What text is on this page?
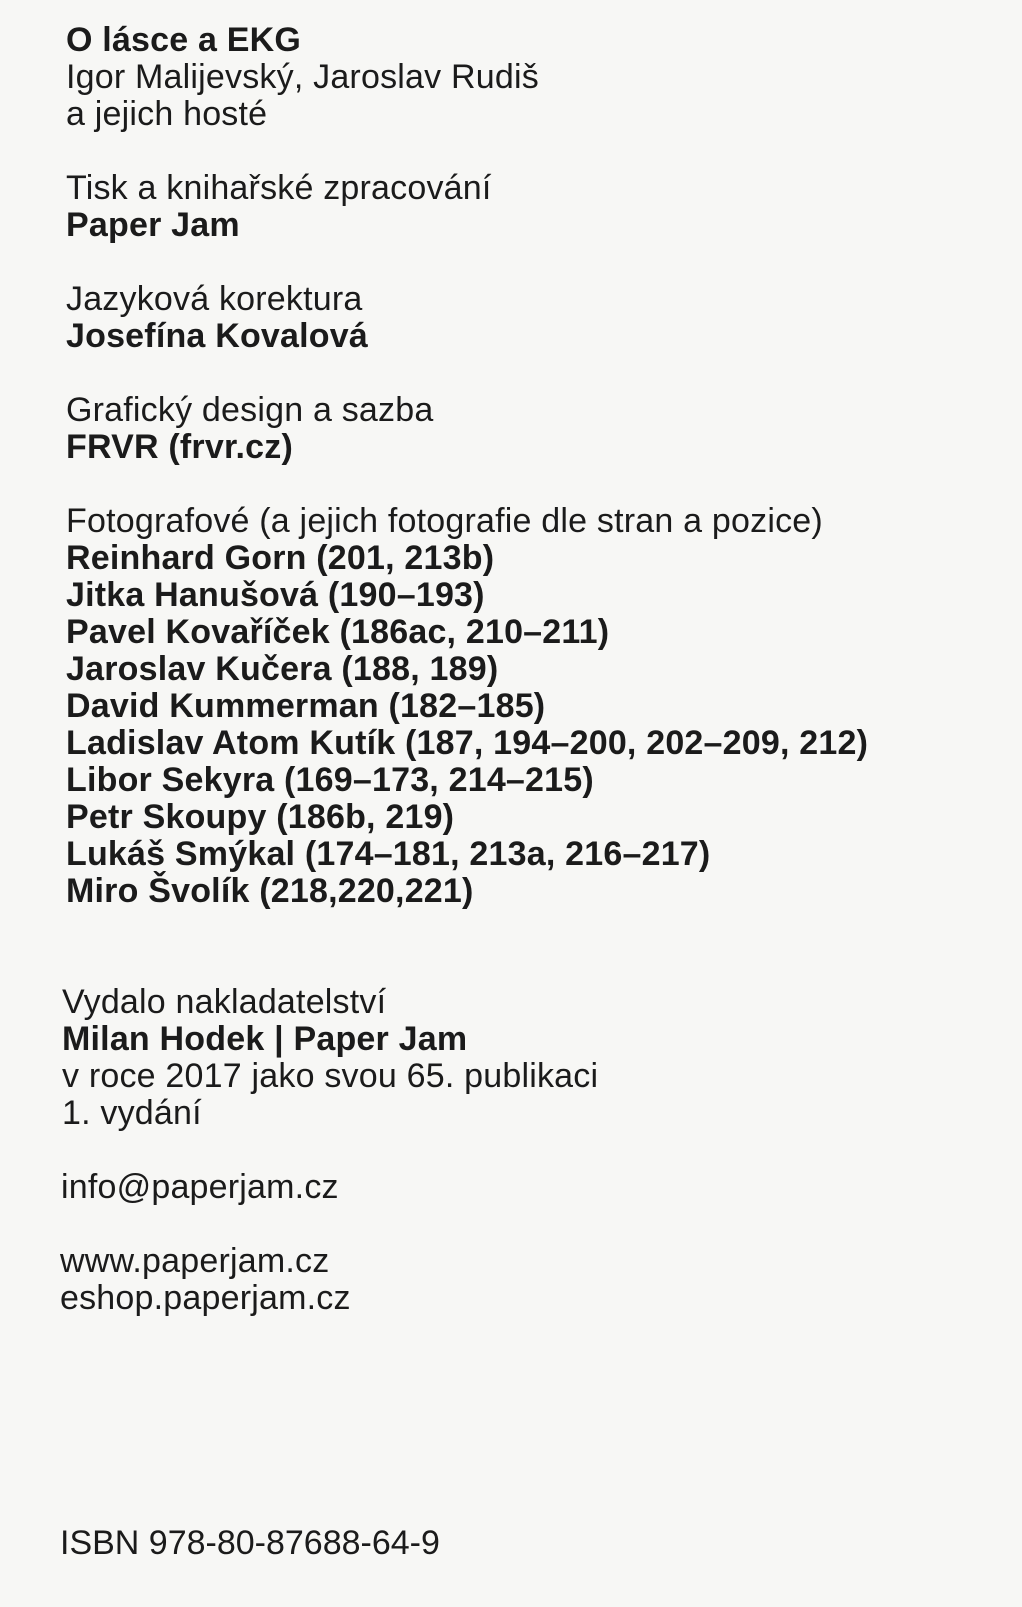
O lásce a EKG
Igor Malijevský, Jaroslav Rudiš
a jejich hosté
Tisk a knihařské zpracování
Paper Jam
Jazyková korektura
Josefína Kovalová
Grafický design a sazba
FRVR (frvr.cz)
Fotografové (a jejich fotografie dle stran a pozice)
Reinhard Gorn (201, 213b)
Jitka Hanušová (190–193)
Pavel Kovaříček (186ac, 210–211)
Jaroslav Kučera (188, 189)
David Kummerman (182–185)
Ladislav Atom Kutík (187, 194–200, 202–209, 212)
Libor Sekyra (169–173, 214–215)
Petr Skoupy (186b, 219)
Lukáš Smýkal (174–181, 213a, 216–217)
Miro Švolík (218,220,221)
Vydalo nakladatelství
Milan Hodek | Paper Jam
v roce 2017 jako svou 65. publikaci
1. vydání
info@paperjam.cz
www.paperjam.cz
eshop.paperjam.cz
ISBN 978-80-87688-64-9
